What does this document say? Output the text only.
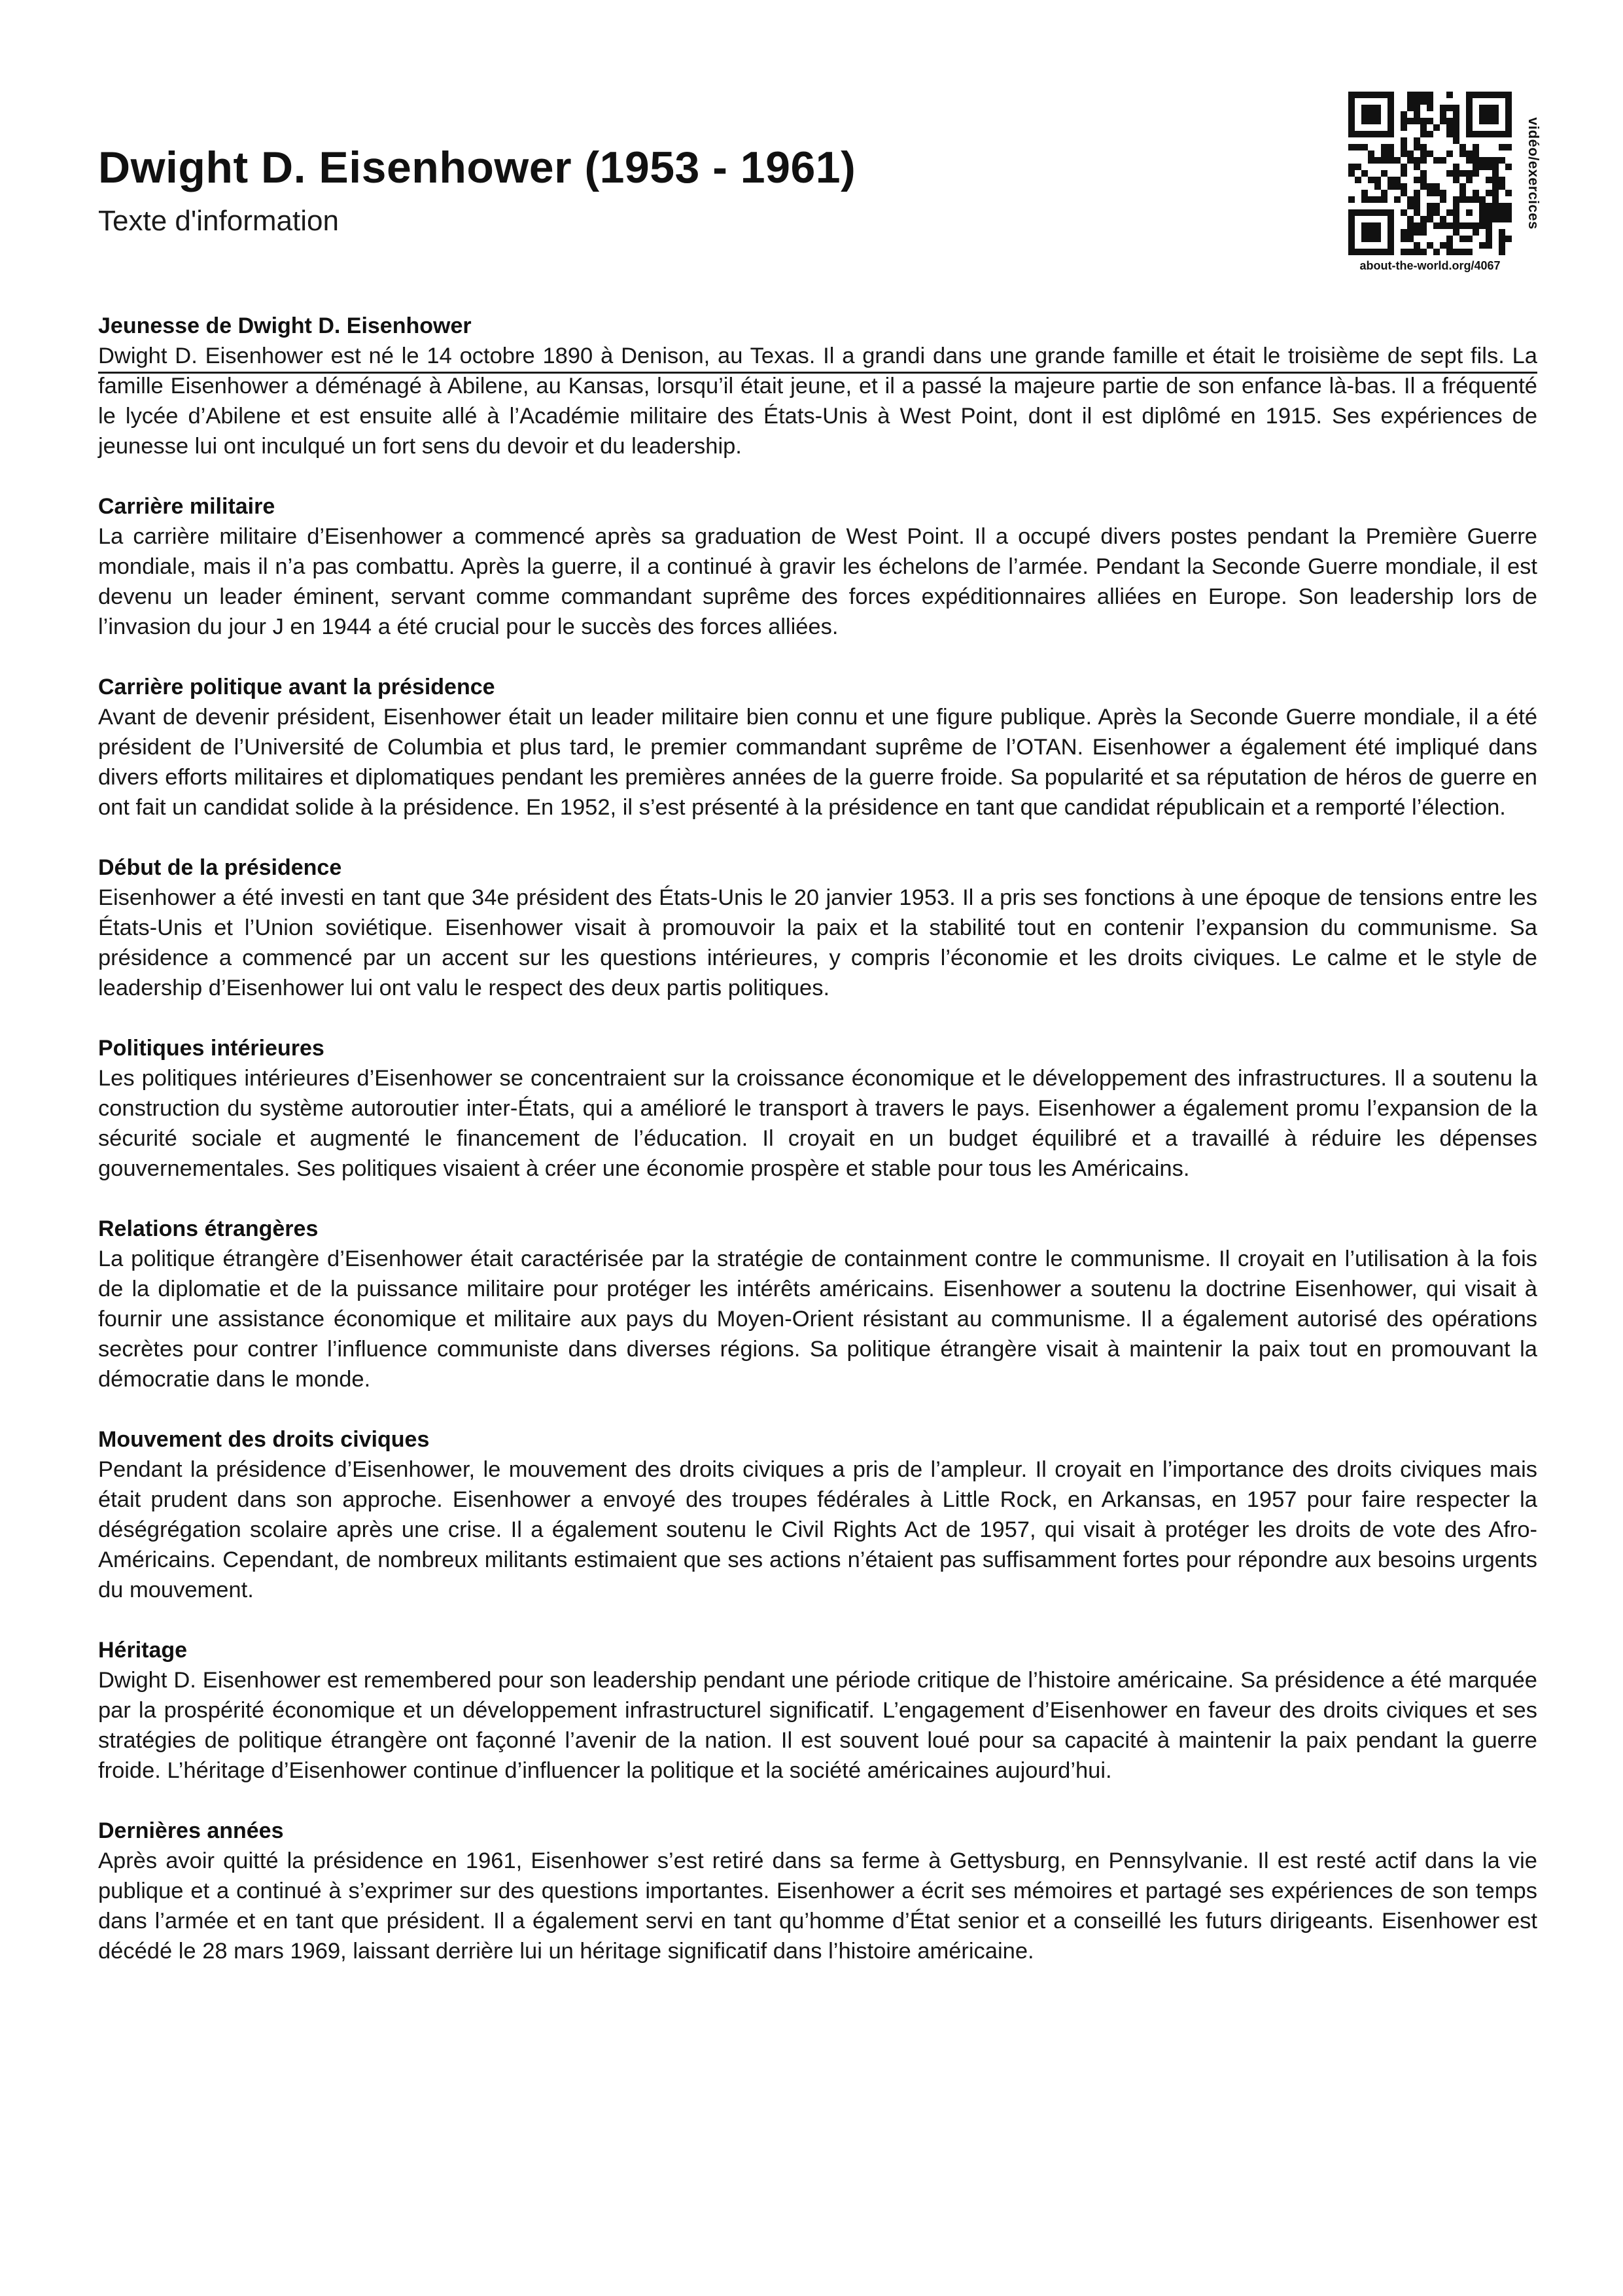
Dwight D. Eisenhower (1953 - 1961)

Texte d'information	vidéo/exercices
about-the-world.org/4067
Jeunesse de Dwight D. Eisenhower

Dwight D. Eisenhower est né le 14 octobre 1890 à Denison, au Texas. Il a grandi dans une grande famille et était le troisième de sept fils. La famille Eisenhower a déménagé à Abilene, au Kansas, lorsqu’il était jeune, et il a passé la majeure partie de son enfance là-bas. Il a fréquenté le lycée d’Abilene et est ensuite allé à l’Académie militaire des États-Unis à West Point, dont il est diplômé en 1915. Ses expériences de jeunesse lui ont inculqué un fort sens du devoir et du leadership.

Carrière militaire

La carrière militaire d’Eisenhower a commencé après sa graduation de West Point. Il a occupé divers postes pendant la Première Guerre mondiale, mais il n’a pas combattu. Après la guerre, il a continué à gravir les échelons de l’armée. Pendant la Seconde Guerre mondiale, il est devenu un leader éminent, servant comme commandant suprême des forces expéditionnaires alliées en Europe. Son leadership lors de l’invasion du jour J en 1944 a été crucial pour le succès des forces alliées.

Carrière politique avant la présidence

Avant de devenir président, Eisenhower était un leader militaire bien connu et une figure publique. Après la Seconde Guerre mondiale, il a été président de l’Université de Columbia et plus tard, le premier commandant suprême de l’OTAN. Eisenhower a également été impliqué dans divers efforts militaires et diplomatiques pendant les premières années de la guerre froide. Sa popularité et sa réputation de héros de guerre en ont fait un candidat solide à la présidence. En 1952, il s’est présenté à la présidence en tant que candidat républicain et a remporté l’élection.

Début de la présidence

Eisenhower a été investi en tant que 34e président des États-Unis le 20 janvier 1953. Il a pris ses fonctions à une époque de tensions entre les États-Unis et l’Union soviétique. Eisenhower visait à promouvoir la paix et la stabilité tout en contenir l’expansion du communisme. Sa présidence a commencé par un accent sur les questions intérieures, y compris l’économie et les droits civiques. Le calme et le style de leadership d’Eisenhower lui ont valu le respect des deux partis politiques.

Politiques intérieures

Les politiques intérieures d’Eisenhower se concentraient sur la croissance économique et le développement des infrastructures. Il a soutenu la construction du système autoroutier inter-États, qui a amélioré le transport à travers le pays. Eisenhower a également promu l’expansion de la sécurité sociale et augmenté le financement de l’éducation. Il croyait en un budget équilibré et a travaillé à réduire les dépenses gouvernementales. Ses politiques visaient à créer une économie prospère et stable pour tous les Américains.

Relations étrangères

La politique étrangère d’Eisenhower était caractérisée par la stratégie de containment contre le communisme. Il croyait en l’utilisation à la fois de la diplomatie et de la puissance militaire pour protéger les intérêts américains. Eisenhower a soutenu la doctrine Eisenhower, qui visait à fournir une assistance économique et militaire aux pays du Moyen-Orient résistant au communisme. Il a également autorisé des opérations secrètes pour contrer l’influence communiste dans diverses régions. Sa politique étrangère visait à maintenir la paix tout en promouvant la démocratie dans le monde.

Mouvement des droits civiques

Pendant la présidence d’Eisenhower, le mouvement des droits civiques a pris de l’ampleur. Il croyait en l’importance des droits civiques mais était prudent dans son approche. Eisenhower a envoyé des troupes fédérales à Little Rock, en Arkansas, en 1957 pour faire respecter la déségrégation scolaire après une crise. Il a également soutenu le Civil Rights Act de 1957, qui visait à protéger les droits de vote des Afro-Américains. Cependant, de nombreux militants estimaient que ses actions n’étaient pas suffisamment fortes pour répondre aux besoins urgents du mouvement.

Héritage

Dwight D. Eisenhower est remembered pour son leadership pendant une période critique de l’histoire américaine. Sa présidence a été marquée par la prospérité économique et un développement infrastructurel significatif. L’engagement d’Eisenhower en faveur des droits civiques et ses stratégies de politique étrangère ont façonné l’avenir de la nation. Il est souvent loué pour sa capacité à maintenir la paix pendant la guerre froide. L’héritage d’Eisenhower continue d’influencer la politique et la société américaines aujourd’hui.

Dernières années

Après avoir quitté la présidence en 1961, Eisenhower s’est retiré dans sa ferme à Gettysburg, en Pennsylvanie. Il est resté actif dans la vie publique et a continué à s’exprimer sur des questions importantes. Eisenhower a écrit ses mémoires et partagé ses expériences de son temps dans l’armée et en tant que président. Il a également servi en tant qu’homme d’État senior et a conseillé les futurs dirigeants. Eisenhower est décédé le 28 mars 1969, laissant derrière lui un héritage significatif dans l’histoire américaine.
